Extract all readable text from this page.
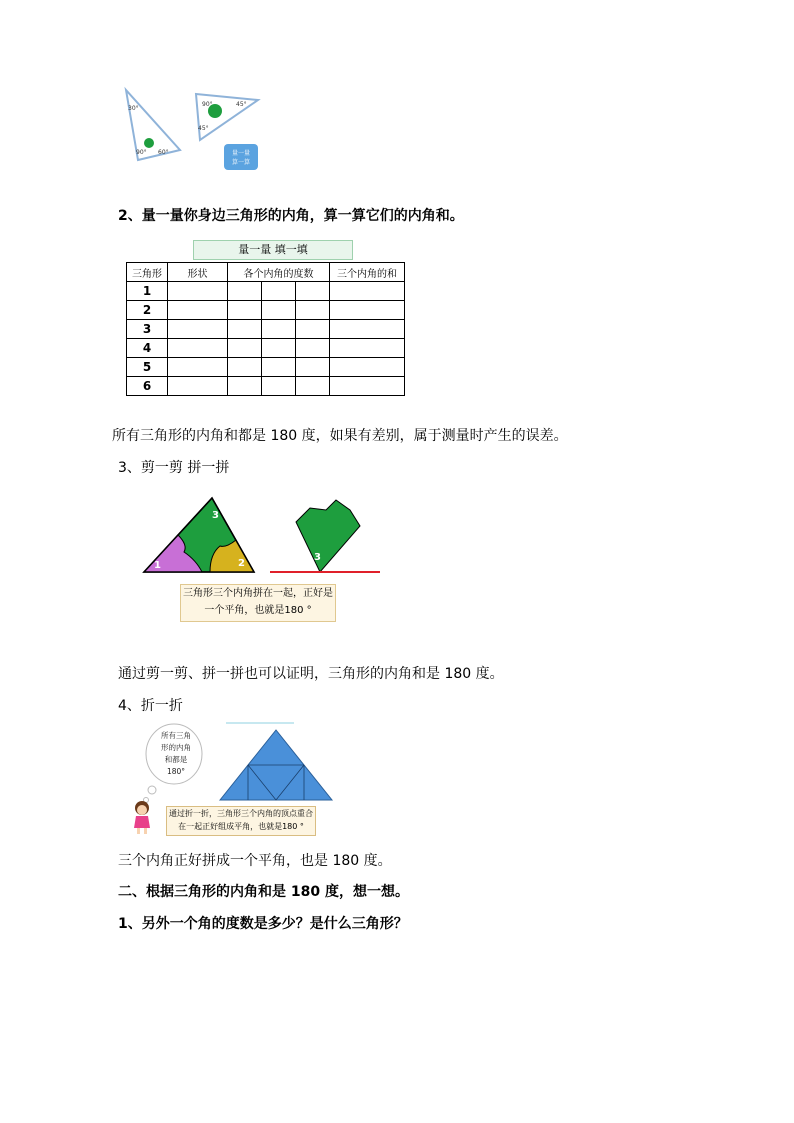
30°
90° 60°
90°	45°
45°
量一量
算一算
2、量一量你身边三角形的内角，算一算它们的内角和。
量一量 填一填
三角形	形状	各个内角的度数			三个内角的和
1					
2					
3					
4					
5					
6					
所有三角形的内角和都是 180 度，如果有差别，属于测量时产生的误差。
3、剪一剪 拼一拼
3
1	2
3
三角形三个内角拼在一起，正好是
一个平角，也就是180 °
通过剪一剪、拼一拼也可以证明，三角形的内角和是 180 度。
4、折一折
所有三角
形的内角
和都是
180°
通过折一折，三角形三个内角的顶点重合
在一起正好组成平角，也就是180 °
三个内角正好拼成一个平角，也是 180 度。
二、根据三角形的内角和是 180 度，想一想。
1、另外一个角的度数是多少？是什么三角形？
